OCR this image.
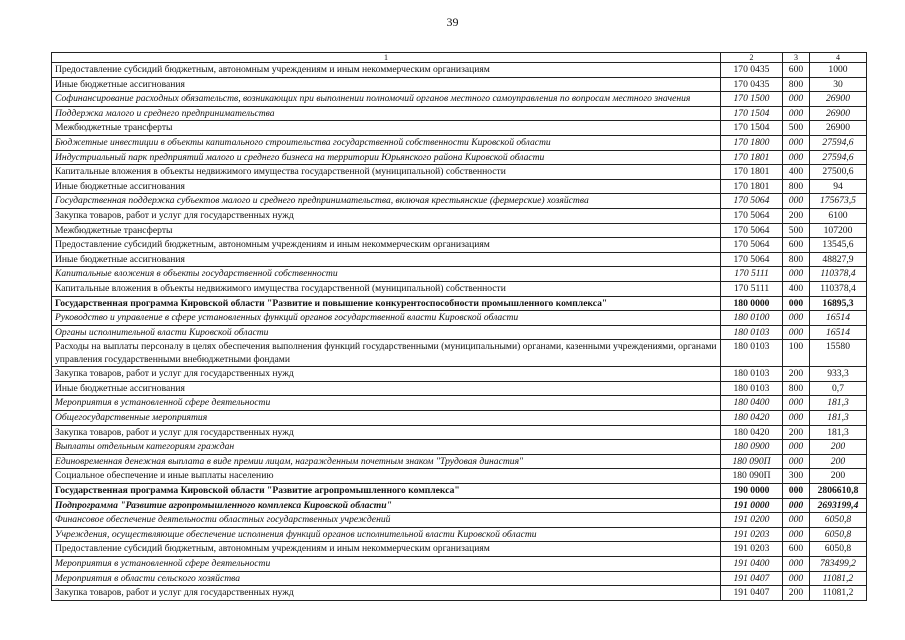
39
1	2	3	4
Предоставление субсидий бюджетным, автономным учреждениям и иным некоммерческим организациям	170 0435	600	1000
Иные бюджетные ассигнования	170 0435	800	30
Софинансирование расходных обязательств, возникающих при выполнении полномочий органов местного самоуправления по вопросам местного значения	170 1500	000	26900
Поддержка малого и среднего предпринимательства	170 1504	000	26900
Межбюджетные трансферты	170 1504	500	26900
Бюджетные инвестиции в объекты капитального строительства государственной собственности Кировской области	170 1800	000	27594,6
Индустриальный парк предприятий малого и среднего бизнеса на территории Юрьянского района Кировской области	170 1801	000	27594,6
Капитальные вложения в объекты недвижимого имущества государственной (муниципальной) собственности	170 1801	400	27500,6
Иные бюджетные ассигнования	170 1801	800	94
Государственная поддержка субъектов малого и среднего предпринимательства, включая крестьянские (фермерские) хозяйства	170 5064	000	175673,5
Закупка товаров, работ и услуг для государственных нужд	170 5064	200	6100
Межбюджетные трансферты	170 5064	500	107200
Предоставление субсидий бюджетным, автономным учреждениям и иным некоммерческим организациям	170 5064	600	13545,6
Иные бюджетные ассигнования	170 5064	800	48827,9
Капитальные вложения в объекты государственной собственности	170 5111	000	110378,4
Капитальные вложения в объекты недвижимого имущества государственной (муниципальной) собственности	170 5111	400	110378,4
Государственная программа Кировской области "Развитие и повышение конкурентоспособности промышленного комплекса"	180 0000	000	16895,3
Руководство и управление в сфере установленных функций органов государственной власти Кировской области	180 0100	000	16514
Органы исполнительной власти Кировской области	180 0103	000	16514
Расходы на выплаты персоналу в целях обеспечения выполнения функций государственными (муниципальными) органами, казенными учреждениями, органами управления государственными внебюджетными фондами	180 0103	100	15580
Закупка товаров, работ и услуг для государственных нужд	180 0103	200	933,3
Иные бюджетные ассигнования	180 0103	800	0,7
Мероприятия в установленной сфере деятельности	180 0400	000	181,3
Общегосударственные мероприятия	180 0420	000	181,3
Закупка товаров, работ и услуг для государственных нужд	180 0420	200	181,3
Выплаты отдельным категориям граждан	180 0900	000	200
Единовременная денежная выплата в виде премии лицам, награжденным почетным знаком "Трудовая династия"	180 090П	000	200
Социальное обеспечение и иные выплаты населению	180 090П	300	200
Государственная программа Кировской области "Развитие агропромышленного комплекса"	190 0000	000	2806610,8
Подпрограмма "Развитие агропромышленного комплекса Кировской области"	191 0000	000	2693199,4
Финансовое обеспечение деятельности областных государственных учреждений	191 0200	000	6050,8
Учреждения, осуществляющие обеспечение исполнения функций органов исполнительной власти Кировской области	191 0203	000	6050,8
Предоставление субсидий бюджетным, автономным учреждениям и иным некоммерческим организациям	191 0203	600	6050,8
Мероприятия в установленной сфере деятельности	191 0400	000	783499,2
Мероприятия в области сельского хозяйства	191 0407	000	11081,2
Закупка товаров, работ и услуг для государственных нужд	191 0407	200	11081,2
